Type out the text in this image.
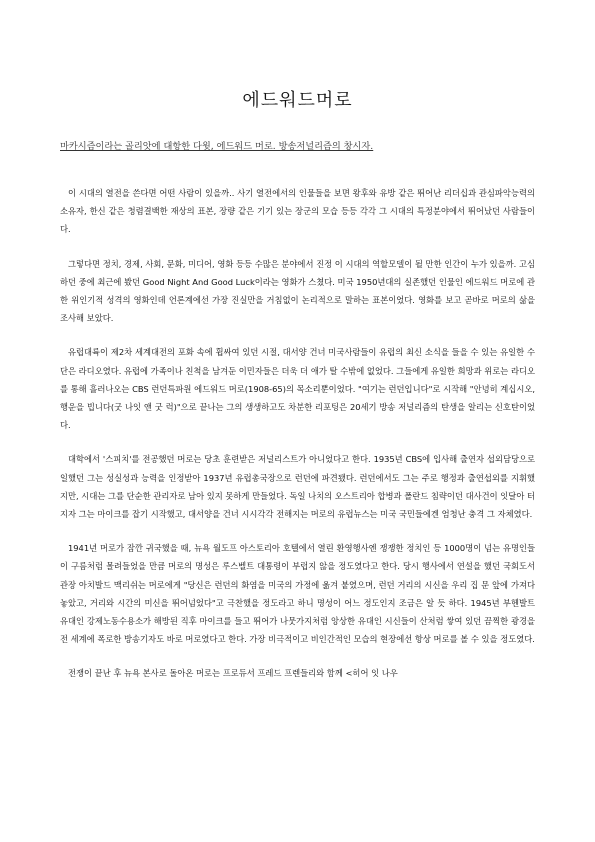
에드워드머로
마카시즘이라는 골리앗에 대항한 다윗, 에드워드 머로. 방송저널리즘의 창시자.

이 시대의 열전을 쓴다면 어떤 사람이 있을까.. 사기 열전에서의 인물들을 보면 왕후와 유방 같은 뛰어난 리더십과 관심파악능력의 소유자, 한신 같은 청렴결백한 재상의 표본, 장량 같은 기기 있는 장군의 모습 등등 각각 그 시대의 특정분야에서 뛰어났던 사람들이다.

그렇다면 정치, 경제, 사회, 문화, 미디어, 영화 등등 수많은 분야에서 진정 이 시대의 역할모델이 될 만한 인간이 누가 있을까. 고심하던 중에 최근에 봤던 Good Night And Good Luck이라는 영화가 스쳤다. 미국 1950년대의 실존했던 인물인 에드워드 머로에 관한 위인기적 성격의 영화인데 언론계에선 가장 진실만을 거침없이 논리적으로 말하는 표본이었다. 영화를 보고 곧바로 머로의 삶을 조사해 보았다.

유럽대륙이 제2차 세계대전의 포화 속에 휩싸여 있던 시절, 대서양 건너 미국사람들이 유럽의 최신 소식을 들을 수 있는 유일한 수단은 라디오였다. 유럽에 가족이나 친척을 남겨둔 이민자들은 더욱 더 애가 탈 수밖에 없었다. 그들에게 유일한 희망과 위로는 라디오를 통해 흘러나오는 CBS 런던특파원 에드워드 머로(1908-65)의 목소리뿐이었다. "여기는 런던입니다"로 시작해 "안녕히 계십시오, 행운을 빕니다(굿 나잇 앤 굿 럭)"으로 끝나는 그의 생생하고도 차분한 리포팅은 20세기 방송 저널리즘의 탄생을 알리는 신호탄이었다.

대학에서 '스피치'를 전공했던 머로는 당초 훈련받은 저널리스트가 아니었다고 한다. 1935년 CBS에 입사해 출연자 섭외담당으로 일했던 그는 성실성과 능력을 인정받아 1937년 유럽총국장으로 런던에 파견됐다. 런던에서도 그는 주로 행정과 출연섭외를 지휘했지만, 시대는 그를 단순한 관리자로 남아 있지 못하게 만들었다. 독일 나치의 오스트리아 합병과 폴란드 침략이던 대사건이 잇달아 터지자 그는 마이크를 잡기 시작했고, 대서양을 건너 시시각각 전해지는 머로의 유럽뉴스는 미국 국민들에겐 엄청난 충격 그 자체였다.

1941년 머로가 잠깐 귀국했을 때, 뉴욕 월도프 아스토리아 호텔에서 열린 환영행사엔 쟁쟁한 정치인 등 1000명이 넘는 유명인들이 구름처럼 몰려들었을 만큼 머로의 명성은 루스벨트 대통령이 부럽지 않을 정도였다고 한다. 당시 행사에서 연설을 했던 국회도서관장 아치발드 맥리쉬는 머로에게 "당신은 런던의 화염을 미국의 가정에 옮겨 붙였으며, 런던 거리의 시신을 우리 집 문 앞에 가져다 놓았고, 거리와 시간의 미신을 뛰어넘었다"고 극찬했을 정도라고 하니 명성이 어느 정도인지 조금은 알 듯 하다. 1945년 부헨발트 유대인 강제노동수용소가 해방된 직후 마이크를 들고 뛰어가 나뭇가지처럼 앙상한 유대인 시신들이 산처럼 쌓여 있던 끔찍한 광경을 전 세계에 폭로한 방송기자도 바로 머로였다고 한다. 가장 비극적이고 비인간적인 모습의 현장에선 항상 머로를 볼 수 있을 정도였다.

전쟁이 끝난 후 뉴욕 본사로 돌아온 머로는 프로듀서 프레드 프렌들리와 함께 <히어 잇 나우
